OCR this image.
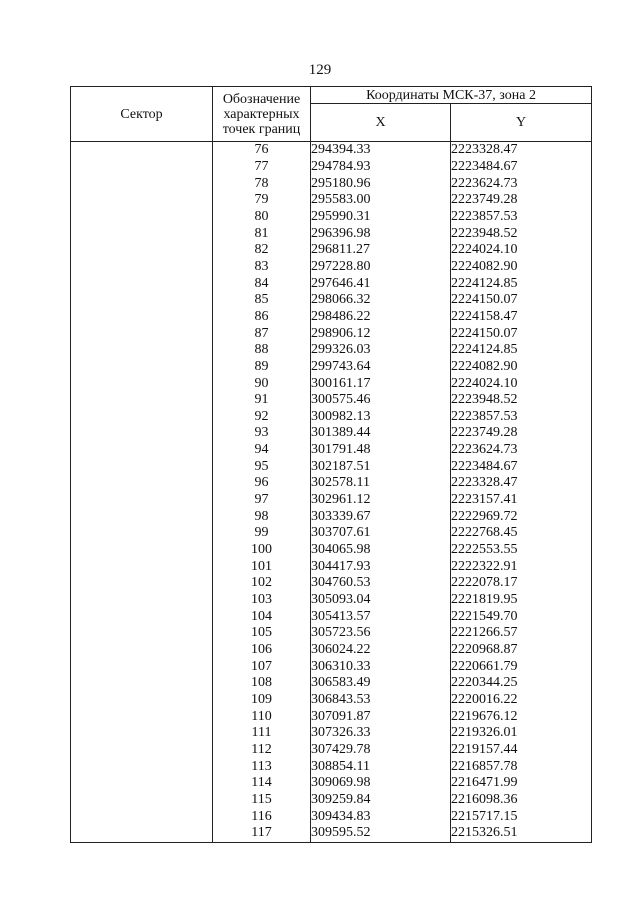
129
Сектор	Обозначение характерных точек границ	Координаты МСК-37, зона 2	
		X	Y
	76	294394.33	2223328.47
	77	294784.93	2223484.67
	78	295180.96	2223624.73
	79	295583.00	2223749.28
	80	295990.31	2223857.53
	81	296396.98	2223948.52
	82	296811.27	2224024.10
	83	297228.80	2224082.90
	84	297646.41	2224124.85
	85	298066.32	2224150.07
	86	298486.22	2224158.47
	87	298906.12	2224150.07
	88	299326.03	2224124.85
	89	299743.64	2224082.90
	90	300161.17	2224024.10
	91	300575.46	2223948.52
	92	300982.13	2223857.53
	93	301389.44	2223749.28
	94	301791.48	2223624.73
	95	302187.51	2223484.67
	96	302578.11	2223328.47
	97	302961.12	2223157.41
	98	303339.67	2222969.72
	99	303707.61	2222768.45
	100	304065.98	2222553.55
	101	304417.93	2222322.91
	102	304760.53	2222078.17
	103	305093.04	2221819.95
	104	305413.57	2221549.70
	105	305723.56	2221266.57
	106	306024.22	2220968.87
	107	306310.33	2220661.79
	108	306583.49	2220344.25
	109	306843.53	2220016.22
	110	307091.87	2219676.12
	111	307326.33	2219326.01
	112	307429.78	2219157.44
	113	308854.11	2216857.78
	114	309069.98	2216471.99
	115	309259.84	2216098.36
	116	309434.83	2215717.15
	117	309595.52	2215326.51
